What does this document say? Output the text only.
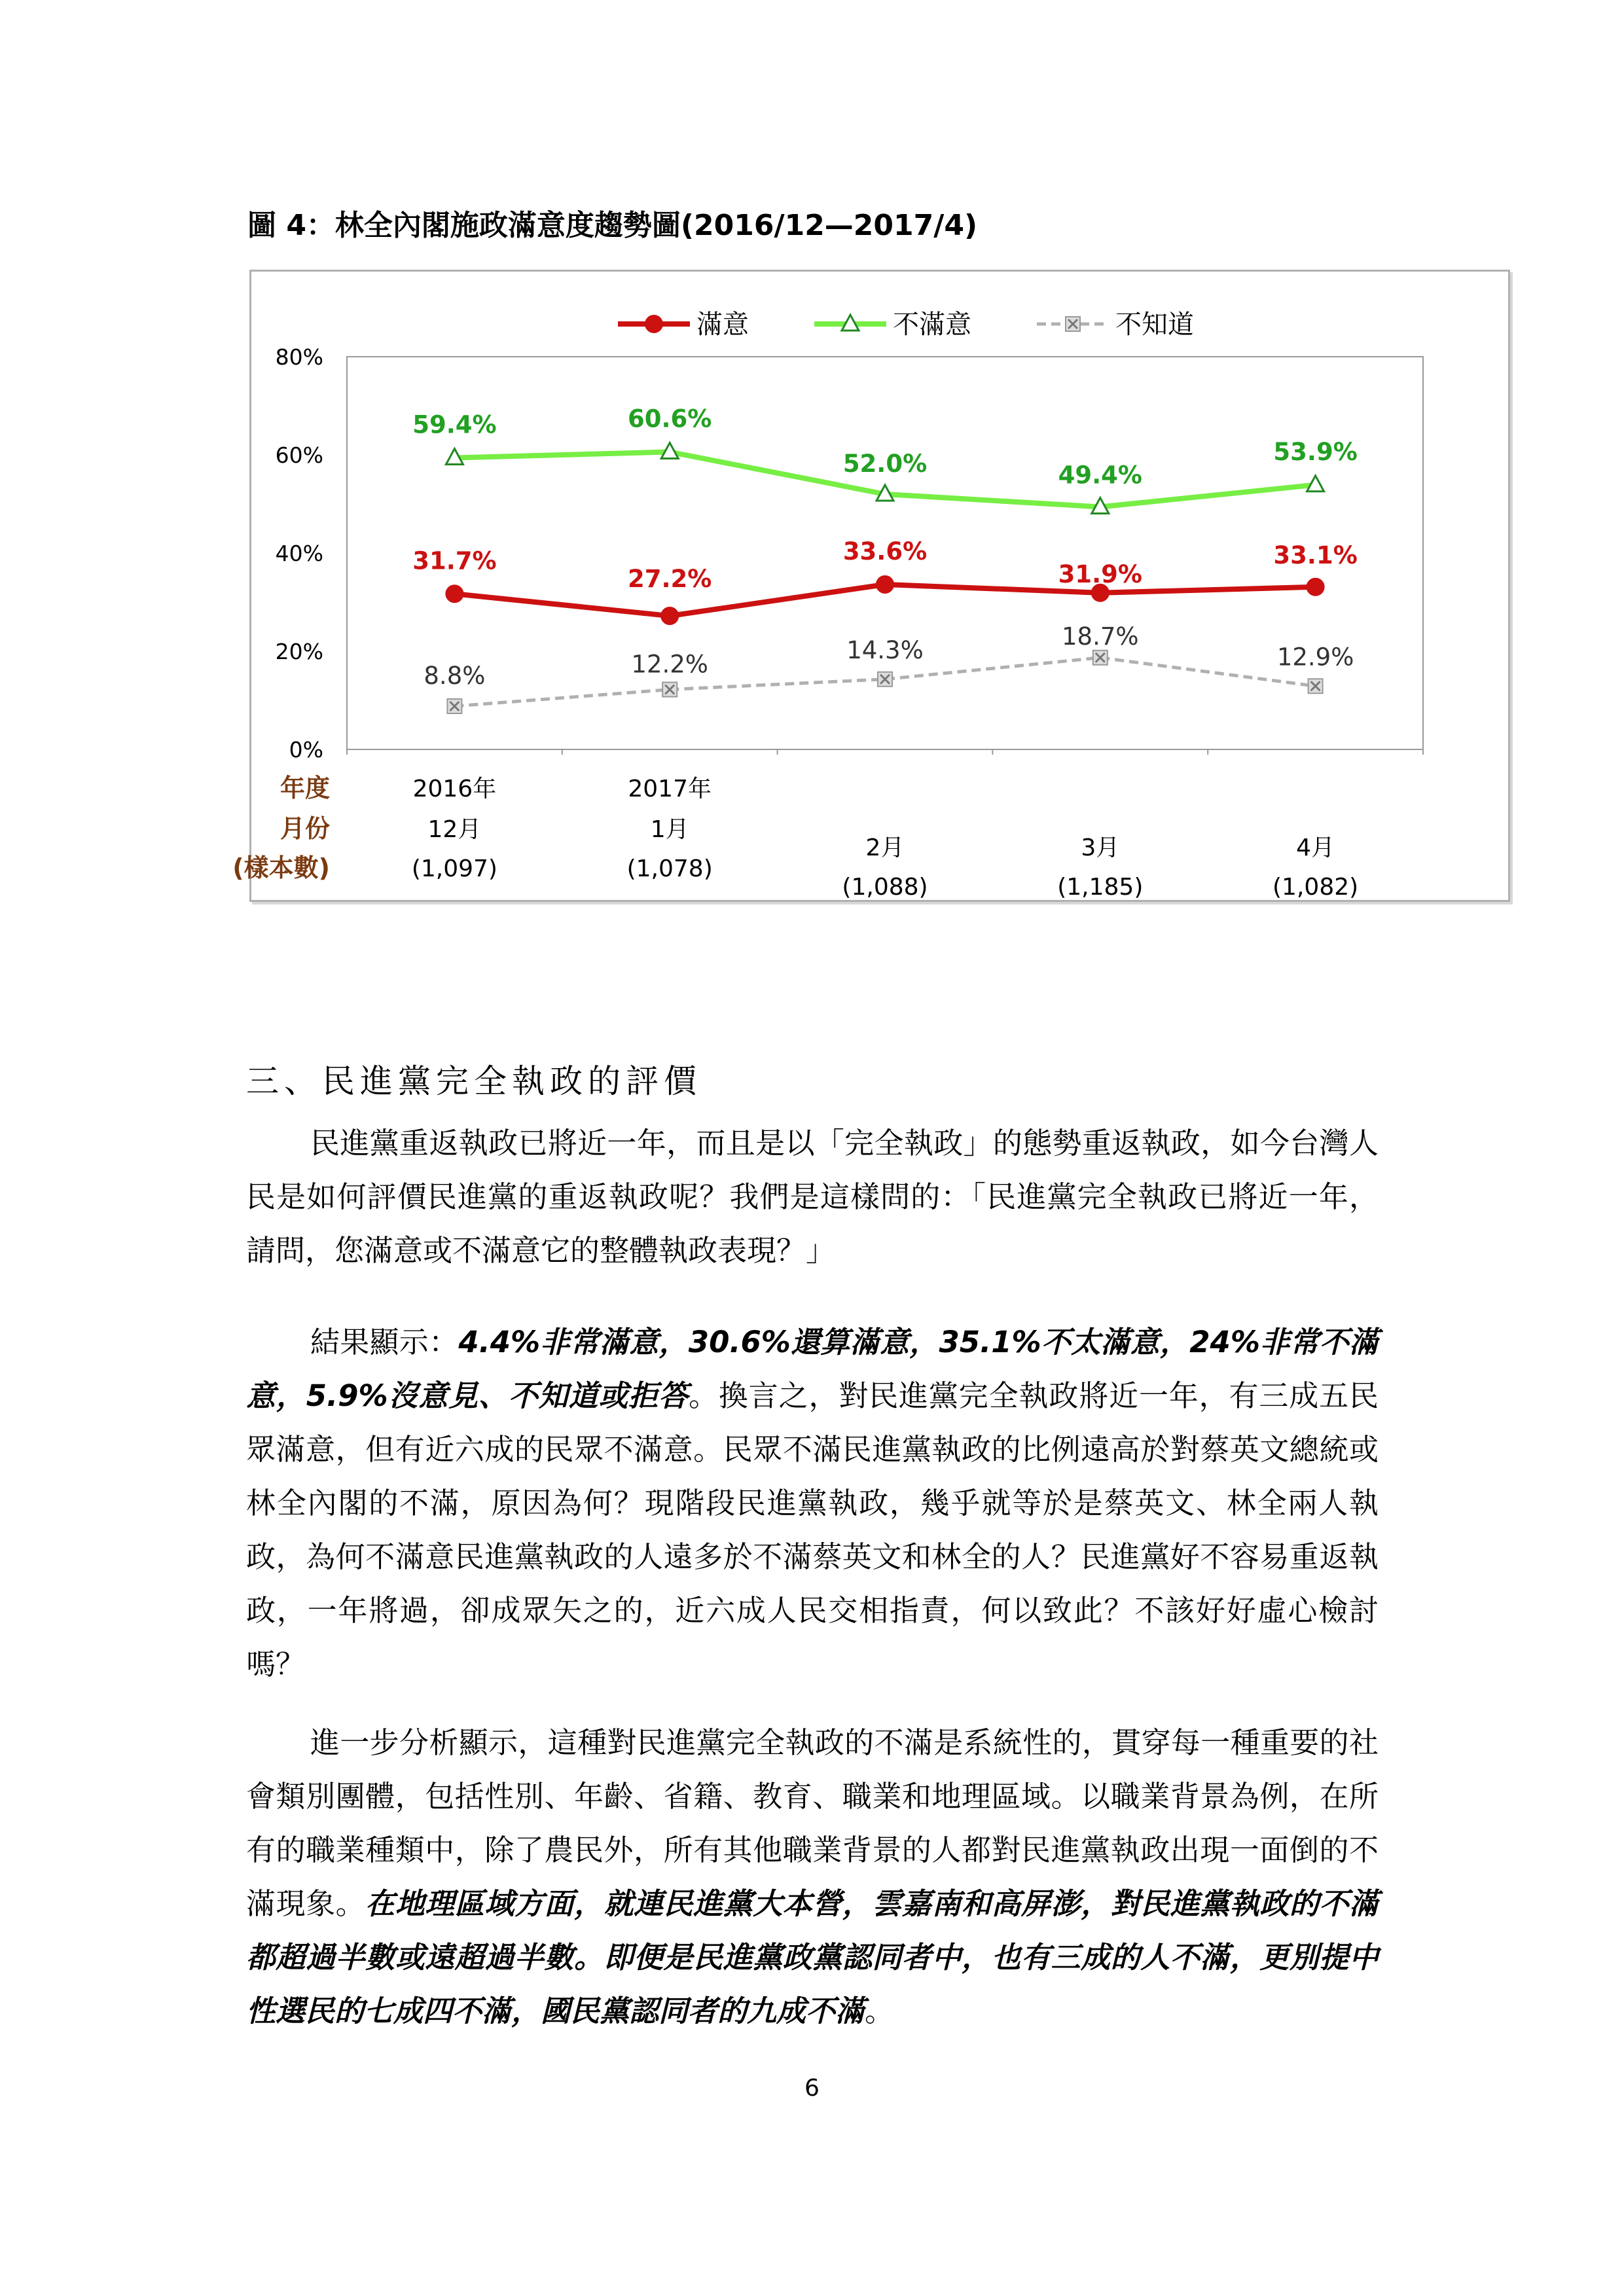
圖 4：林全內閣施政滿意度趨勢圖(2016/12—2017/4)
0%
20%
40%
60%
80%
滿意	不滿意	不知道
8.8%	12.2%
14.3%	18.7%
12.9%
31.7%
27.2%
33.6%
31.9%
33.1%
59.4%	60.6%
52.0%	49.4%
53.9%
年度
月份
(樣本數)
2016年
12月
(1,097)
2017年
1月
(1,078)
2月
(1,088)
3月
(1,185)
4月
(1,082)
三、民進黨完全執政的評價
民進黨重返執政已將近一年，而且是以「完全執政」的態勢重返執政，如今台灣人民是如何評價民進黨的重返執政呢？我們是這樣問的：「民進黨完全執政已將近一年，請問，您滿意或不滿意它的整體執政表現？」
結果顯示：4.4%非常滿意，30.6%還算滿意，35.1%不太滿意，24%非常不滿意，5.9%沒意見、不知道或拒答。換言之，對民進黨完全執政將近一年，有三成五民眾滿意，但有近六成的民眾不滿意。民眾不滿民進黨執政的比例遠高於對蔡英文總統或林全內閣的不滿，原因為何？現階段民進黨執政，幾乎就等於是蔡英文、林全兩人執政，為何不滿意民進黨執政的人遠多於不滿蔡英文和林全的人？民進黨好不容易重返執政，一年將過，卻成眾矢之的，近六成人民交相指責，何以致此？不該好好虛心檢討嗎？
進一步分析顯示，這種對民進黨完全執政的不滿是系統性的，貫穿每一種重要的社會類別團體，包括性別、年齡、省籍、教育、職業和地理區域。以職業背景為例，在所有的職業種類中，除了農民外，所有其他職業背景的人都對民進黨執政出現一面倒的不滿現象。在地理區域方面，就連民進黨大本營，雲嘉南和高屏澎，對民進黨執政的不滿都超過半數或遠超過半數。即便是民進黨政黨認同者中，也有三成的人不滿，更別提中性選民的七成四不滿，國民黨認同者的九成不滿。
6
